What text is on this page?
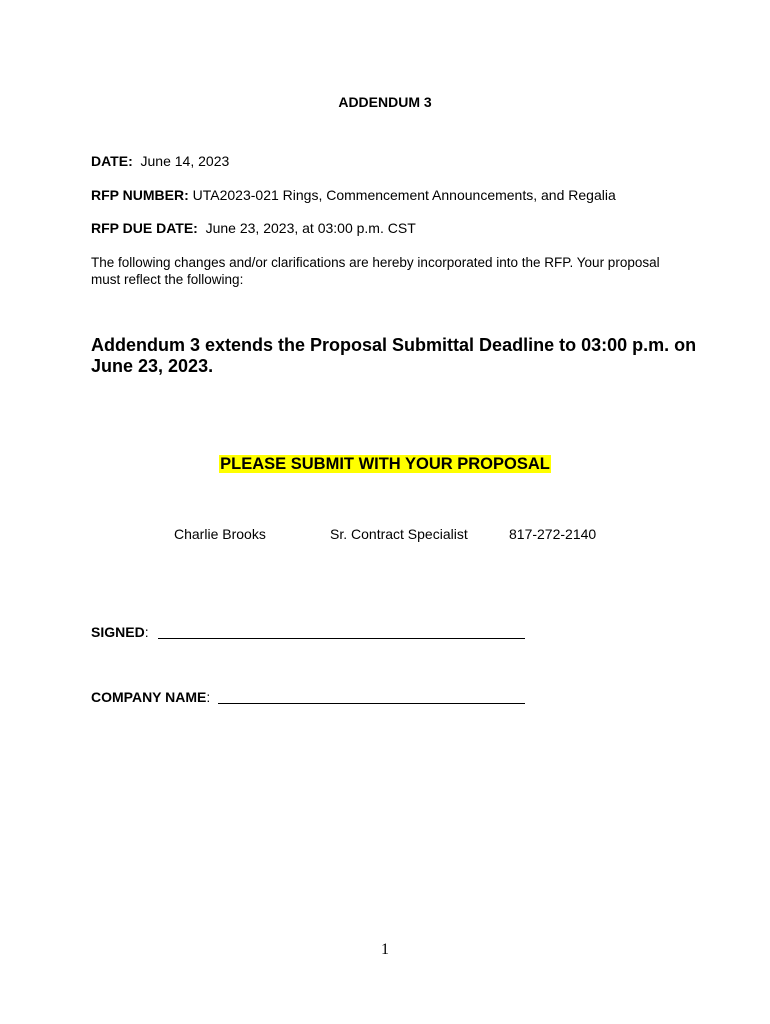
ADDENDUM 3
DATE: June 14, 2023
RFP NUMBER: UTA2023-021 Rings, Commencement Announcements, and Regalia
RFP DUE DATE: June 23, 2023, at 03:00 p.m. CST
The following changes and/or clarifications are hereby incorporated into the RFP. Your proposal must reflect the following:
Addendum 3 extends the Proposal Submittal Deadline to 03:00 p.m. on June 23, 2023.
PLEASE SUBMIT WITH YOUR PROPOSAL
Charlie Brooks	Sr. Contract Specialist	817-272-2140
SIGNED:
COMPANY NAME:
1
